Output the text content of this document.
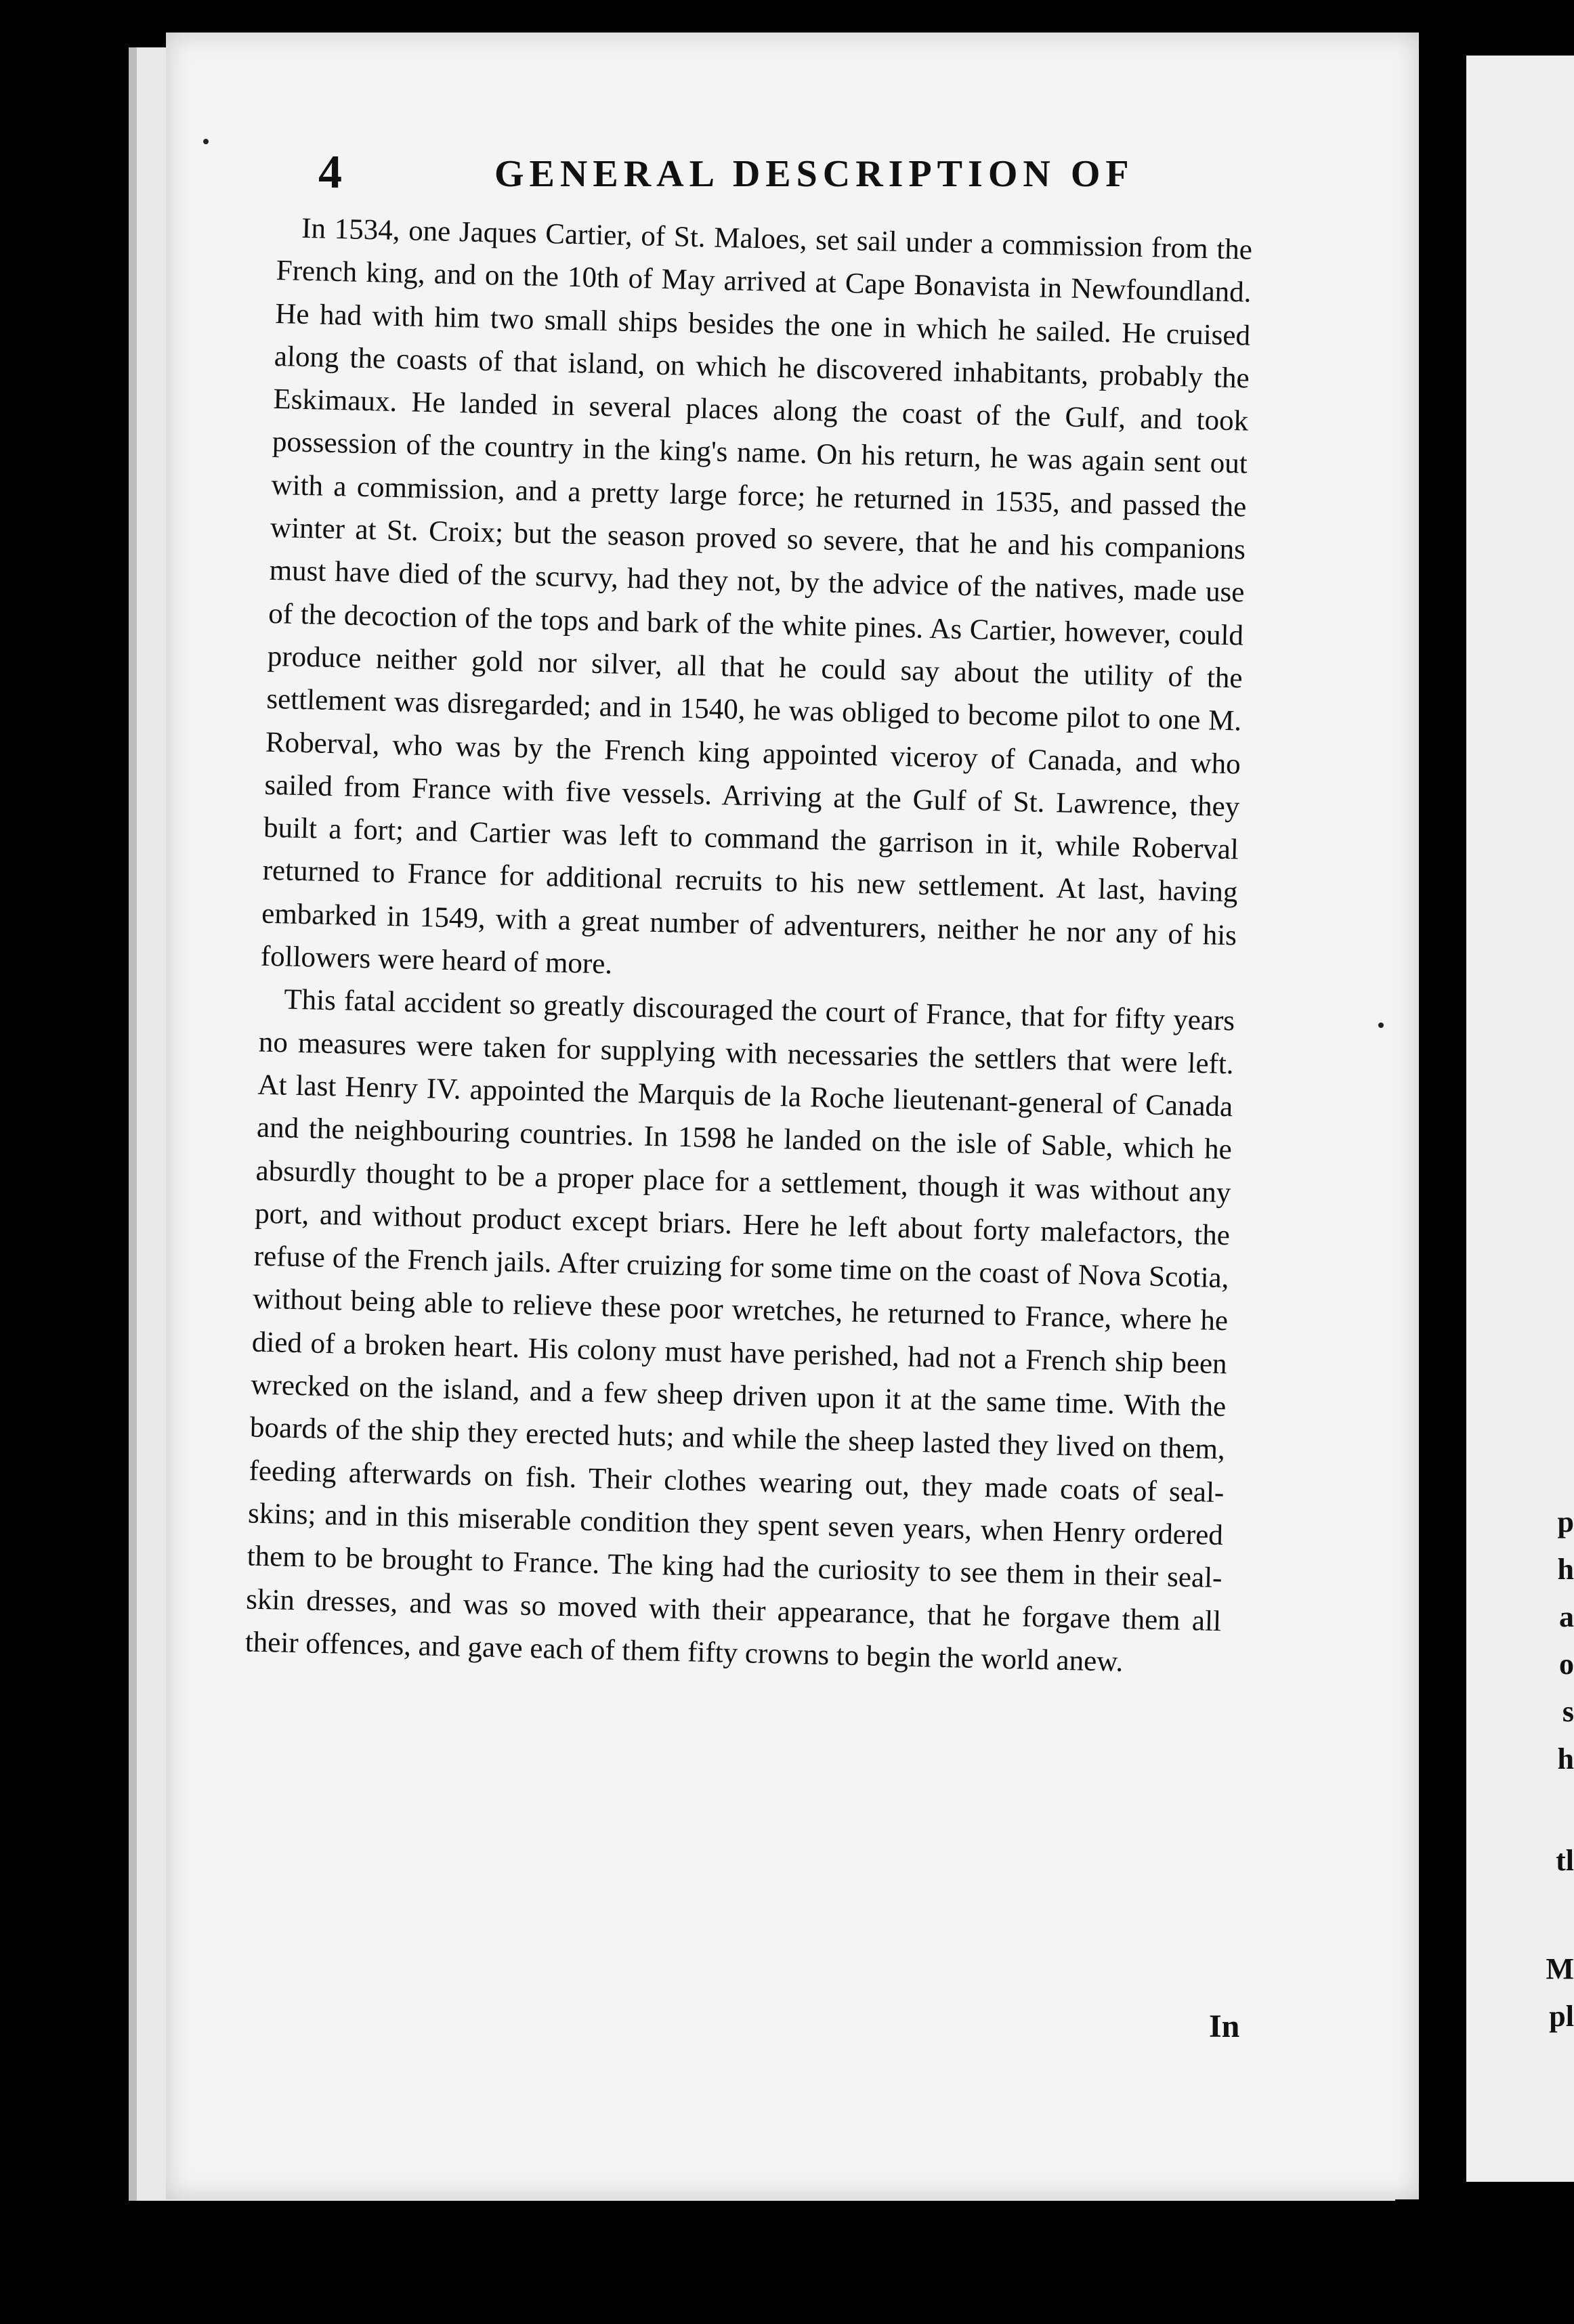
p
h
a
o
s
h
tl
M
pl
4	GENERAL DESCRIPTION OF

In 1534, one Jaques Cartier, of St. Maloes, set sail under a commission from the French king, and on the 10th of May arrived at Cape Bonavista in Newfoundland. He had with him two small ships besides the one in which he sailed. He cruised along the coasts of that island, on which he discovered inhabitants, probably the Eskimaux. He landed in several places along the coast of the Gulf, and took possession of the country in the king's name. On his return, he was again sent out with a commission, and a pretty large force; he returned in 1535, and passed the winter at St. Croix; but the season proved so severe, that he and his companions must have died of the scurvy, had they not, by the advice of the natives, made use of the decoction of the tops and bark of the white pines. As Cartier, however, could produce neither gold nor silver, all that he could say about the utility of the settlement was disregarded; and in 1540, he was obliged to become pilot to one M. Roberval, who was by the French king appointed viceroy of Canada, and who sailed from France with five vessels. Arriving at the Gulf of St. Lawrence, they built a fort; and Cartier was left to command the garrison in it, while Roberval returned to France for additional recruits to his new settlement. At last, having embarked in 1549, with a great number of adventurers, neither he nor any of his followers were heard of more.

This fatal accident so greatly discouraged the court of France, that for fifty years no measures were taken for supplying with necessaries the settlers that were left. At last Henry IV. appointed the Marquis de la Roche lieutenant-general of Canada and the neighbouring countries. In 1598 he landed on the isle of Sable, which he absurdly thought to be a proper place for a settlement, though it was without any port, and without product except briars. Here he left about forty malefactors, the refuse of the French jails. After cruizing for some time on the coast of Nova Scotia, without being able to relieve these poor wretches, he returned to France, where he died of a broken heart. His colony must have perished, had not a French ship been wrecked on the island, and a few sheep driven upon it at the same time. With the boards of the ship they erected huts; and while the sheep lasted they lived on them, feeding afterwards on fish. Their clothes wearing out, they made coats of seal-skins; and in this miserable condition they spent seven years, when Henry ordered them to be brought to France. The king had the curiosity to see them in their seal-skin dresses, and was so moved with their appearance, that he forgave them all their offences, and gave each of them fifty crowns to begin the world anew.

In
